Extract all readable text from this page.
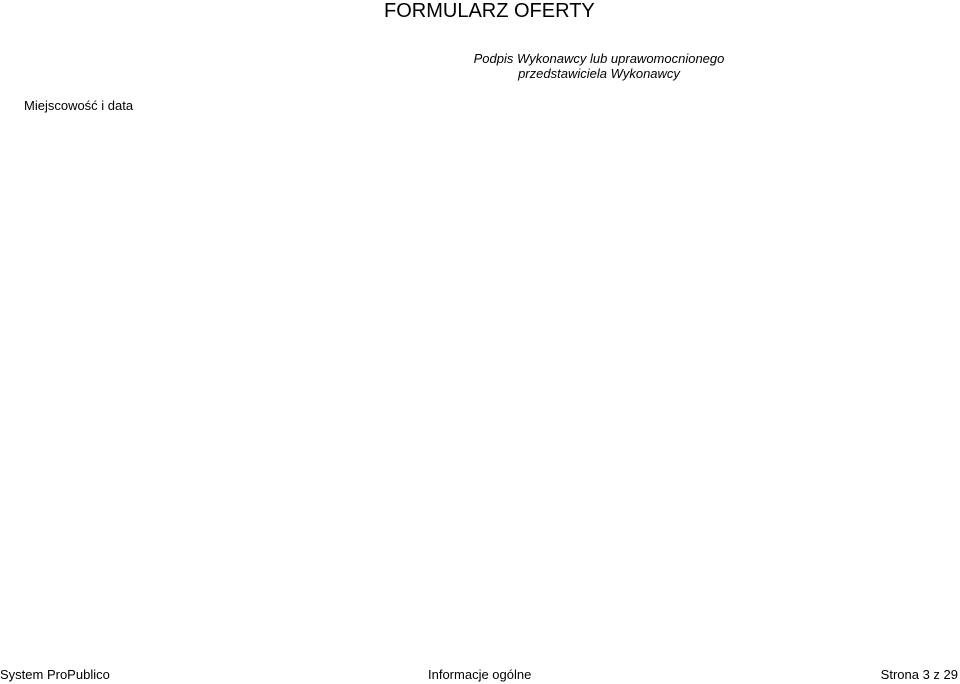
FORMULARZ OFERTY
Podpis Wykonawcy lub uprawomocnionego
przedstawiciela Wykonawcy
Miejscowość i data
System ProPublico	Informacje ogólne	Strona 3 z 29
